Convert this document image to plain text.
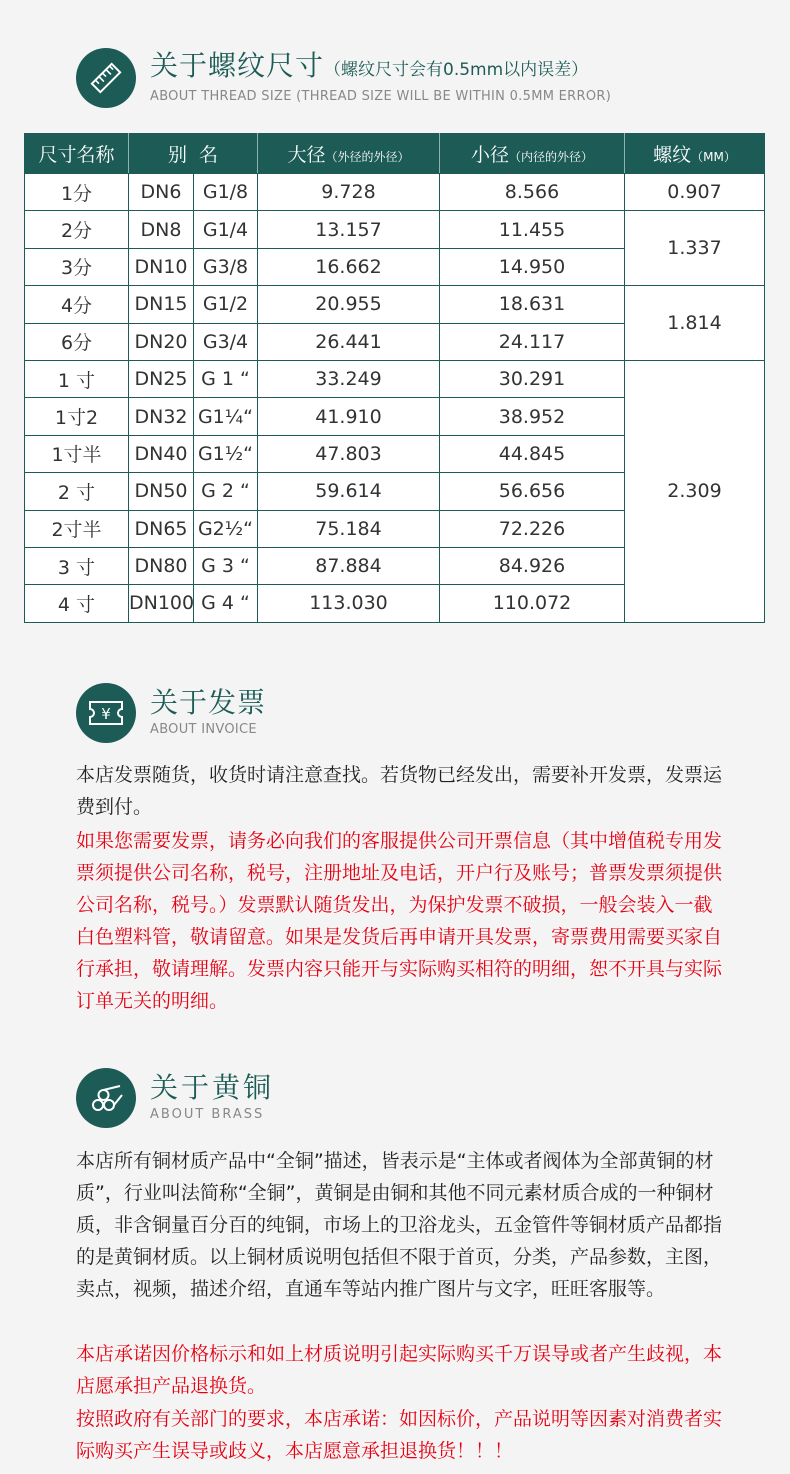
关于螺纹尺寸（螺纹尺寸会有0.5mm以内误差）
ABOUT THREAD SIZE (THREAD SIZE WILL BE WITHIN 0.5MM ERROR)
尺寸名称	别  名		大径（外径的外径）	小径（内径的外径）	螺纹（MM）
1分	DN6	G1/8	9.728	8.566	0.907
2分	DN8	G1/4	13.157	11.455	1.337
3分	DN10	G3/8	16.662	14.950	
4分	DN15	G1/2	20.955	18.631	1.814
6分	DN20	G3/4	26.441	24.117	
1 寸	DN25	G 1 “	33.249	30.291	2.309
1寸2	DN32	G1¼“	41.910	38.952	
1寸半	DN40	G1½“	47.803	44.845	
2 寸	DN50	G 2 “	59.614	56.656	
2寸半	DN65	G2½“	75.184	72.226	
3 寸	DN80	G 3 “	87.884	84.926	
4 寸	DN100	G 4 “	113.030	110.072	
¥ 关于发票
ABOUT INVOICE
本店发票随货，收货时请注意查找。若货物已经发出，需要补开发票，发票运费到付。
如果您需要发票，请务必向我们的客服提供公司开票信息（其中增值税专用发票须提供公司名称，税号，注册地址及电话，开户行及账号；普票发票须提供公司名称，税号。）发票默认随货发出，为保护发票不破损，一般会装入一截白色塑料管，敬请留意。如果是发货后再申请开具发票，寄票费用需要买家自行承担，敬请理解。发票内容只能开与实际购买相符的明细，恕不开具与实际订单无关的明细。
关于黄铜
ABOUT BRASS
本店所有铜材质产品中“全铜”描述，皆表示是“主体或者阀体为全部黄铜的材质”，行业叫法简称“全铜”，黄铜是由铜和其他不同元素材质合成的一种铜材质，非含铜量百分百的纯铜，市场上的卫浴龙头，五金管件等铜材质产品都指的是黄铜材质。以上铜材质说明包括但不限于首页，分类，产品参数，主图，卖点，视频，描述介绍，直通车等站内推广图片与文字，旺旺客服等。
本店承诺因价格标示和如上材质说明引起实际购买千万误导或者产生歧视，本店愿承担产品退换货。
按照政府有关部门的要求，本店承诺：如因标价，产品说明等因素对消费者实际购买产生误导或歧义，本店愿意承担退换货！！！
